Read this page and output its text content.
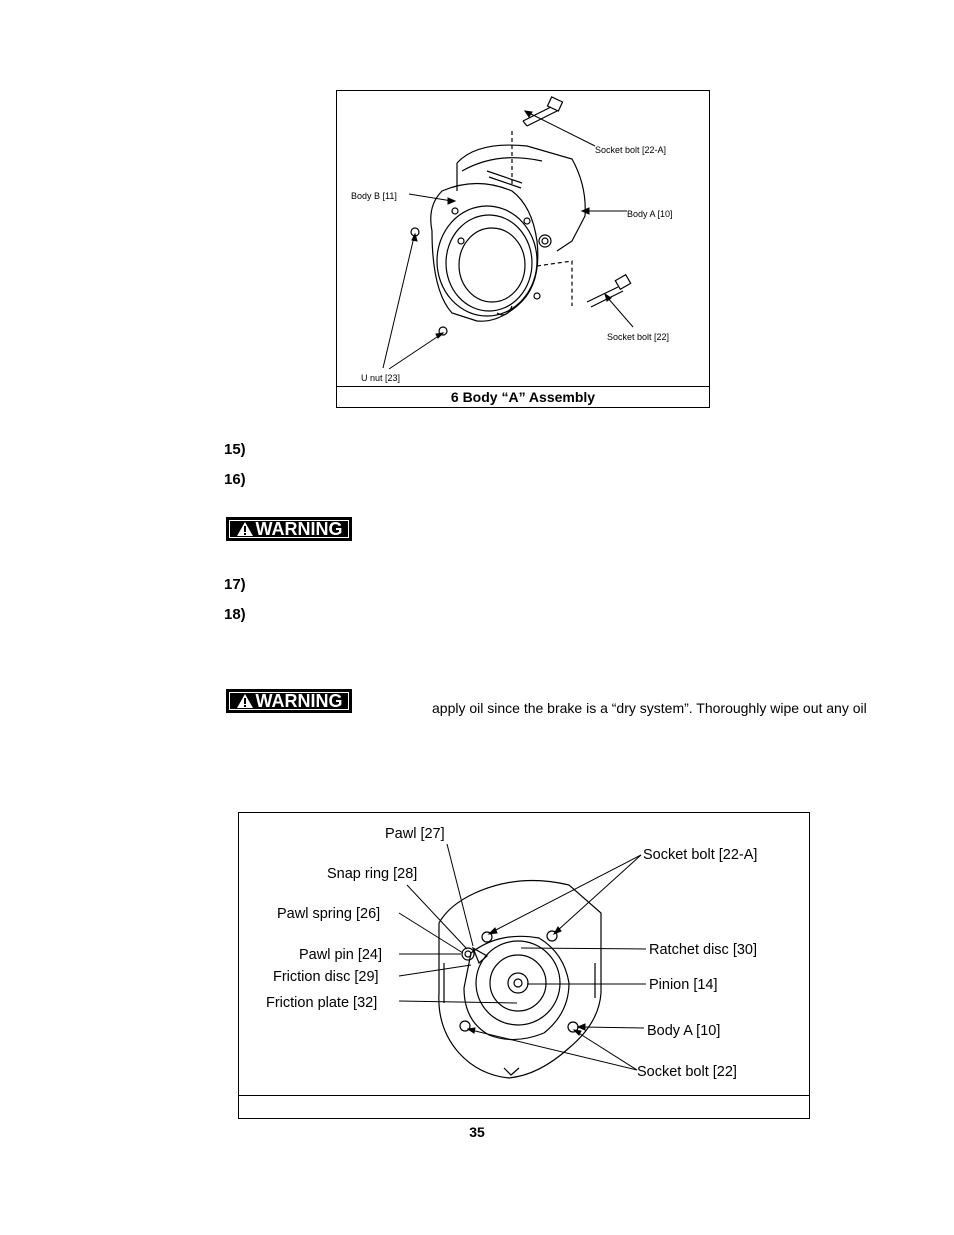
Socket bolt [22-A]
Body B [11]
Body A [10]
Socket bolt [22]
U nut [23]
6 Body “A” Assembly
15)
16)
WARNING
17)
18)
WARNING	apply oil since the brake is a “dry system”. Thoroughly wipe out any oil
Pawl [27]
Snap ring [28]
Pawl spring [26]
Pawl pin [24]
Friction disc [29]
Friction plate [32]
Socket bolt [22-A]
Ratchet disc [30]
Pinion [14]
Body A [10]
Socket bolt [22]
35
